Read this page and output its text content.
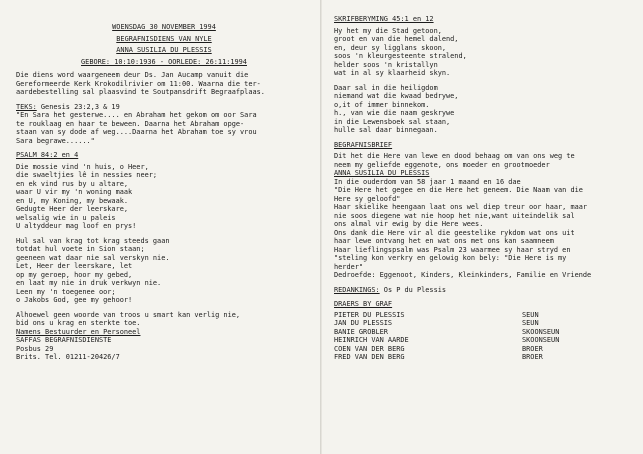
WOENSDAG 30 NOVEMBER 1994
BEGRAFNISDIENS VAN NYLE
ANNA SUSILIA DU PLESSIS
GEBORE: 10:10:1936 - OORLEDE: 26:11:1994
Die diens word waargeneem deur Ds. Jan Aucamp vanuit die
Gereformeerde Kerk Krokodilrivier om 11:00. Waarna die ter-
aardebestelling sal plaasvind te Soutpansdrift Begraafplaas.
TEKS: Genesis 23:2,3 & 19
"En Sara het gesterwe.... en Abraham het gekom om oor Sara
te rouklaag en haar te beween. Daarna het Abraham opge-
staan van sy dode af weg....Daarna het Abraham toe sy vrou
Sara begrawe......"
PSALM 84:2 en 4
Die mossie vind 'n huis, o Heer,
die swaeltjies lê in nessies neer;
en ek vind rus by u altare,
waar U vir my 'n woning maak
en U, my Koning, my bewaak.
Gedugte Heer der leerskare,
welsalig wie in u paleis
U altyddeur mag loof en prys!
Hul sal van krag tot krag steeds gaan
totdat hul voete in Sion staan;
geeneen wat daar nie sal verskyn nie.
Let, Heer der leerskare, let
op my geroep, hoor my gebed,
en laat my nie in druk verkwyn nie.
Leen my 'n toegenee oor;
o Jakobs God, gee my gehoor!
Alhoewel geen woorde van troos u smart kan verlig nie,
bid ons u krag en sterkte toe.
Namens Bestuurder en Personeel
SAFFAS BEGRAFNISDIENSTE
Posbus 29
Brits. Tel. 01211-20426/7
SKRIFBERYMING 45:1 en 12
Hy het my die Stad getoon,
groot en van die hemel dalend,
en, deur sy ligglans skoon,
soos 'n kleurgesteente stralend,
helder soos 'n kristallyn
wat in al sy klaarheid skyn.
Daar sal in die heiligdom
niemand wat die kwaad bedrywe,
o,it of immer binnekom.
h., van wie die naam geskrywe
in die Lewensboek sal staan,
hulle sal daar binnegaan.
BEGRAFNISBRIEF
Dit het die Here van lewe en dood behaag om van ons weg te
neem my geliefde eggenote, ons moeder en grootmoeder
ANNA SUSILIA DU PLESSIS
In die ouderdom van 58 jaar 1 maand en 16 dae
"Die Here het gegee en die Here het geneem. Die Naam van die
Here sy geloofd"
Haar skielike heengaan laat ons wel diep treur oor haar, maar
nie soos diegene wat nie hoop het nie,want uiteindelik sal
ons almal vir ewig by die Here wees.
Ons dank die Here vir al die geestelike rykdom wat ons uit
haar lewe ontvang het en wat ons met ons kan saamneem
Haar lieflingspsalm was Psalm 23 waarmee sy haar stryd en
"steling kon verkry en gelowig kon bely: "Die Here is my
herder"
Dedroefde: Eggenoot, Kinders, Kleinkinders, Familie en Vriende
REDANKINGS: Os P du Plessis
DRAERS BY GRAF
PIETER DU PLESSIS	SEUN
JAN DU PLESSIS	SEUN
BANIE GROBLER	SKOONSEUN
HEINRICH VAN AARDE	SKOONSEUN
COEN VAN DER BERG	BROER
FRED VAN DEN BERG	BROER
